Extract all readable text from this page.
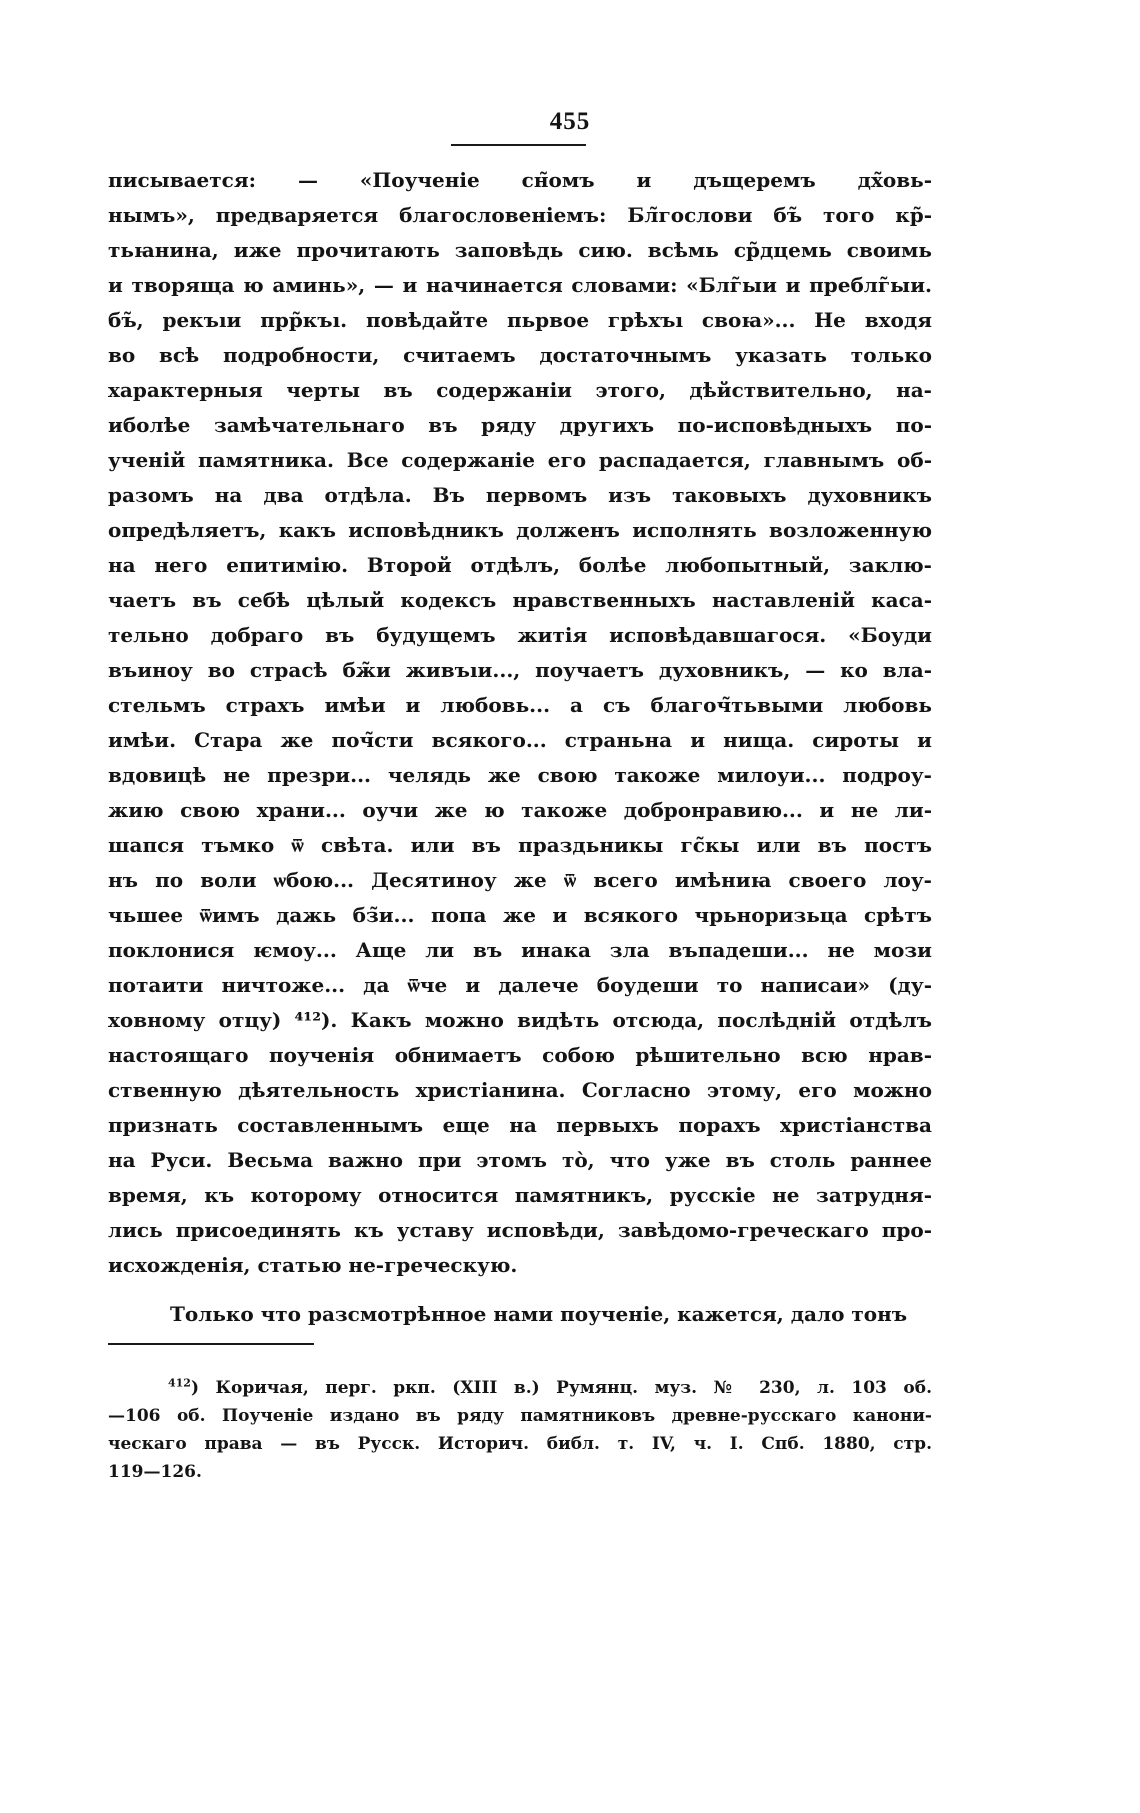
455
писывается: — «Поученіе сн̃омъ и дъщеремъ дх̃овь-
нымъ», предваряется благословеніемъ: Бл̃гослови бъ̃ того кр̃-
тьꙗнина, иже прочитають заповѣдь сию. всѣмь ср̃дцемь своимь
и творяща ю аминь», — и начинается словами: «Блг̃ыи и преблг̃ыи.
бъ̃, рекъıи прр̃къı. повѣдайте пьрвое грѣхъı своꙗ»... Не входя
во всѣ подробности, считаемъ достаточнымъ указать только
характерныя черты въ содержаніи этого, дѣйствительно, на-
иболѣе замѣчательнаго въ ряду другихъ по-исповѣдныхъ по-
ученій памятника. Все содержаніе его распадается, главнымъ об-
разомъ на два отдѣла. Въ первомъ изъ таковыхъ духовникъ
опредѣляетъ, какъ исповѣдникъ долженъ исполнять возложенную
на него епитимію. Второй отдѣлъ, болѣе любопытный, заклю-
чаетъ въ себѣ цѣлый кодексъ нравственныхъ наставленій каса-
тельно добраго въ будущемъ житія исповѣдавшагося. «Боуди
въиноу во страсѣ бж̃и живъıи..., поучаетъ духовникъ, — ко вла-
стельмъ страхъ имѣи и любовь... а съ благоч̃тьвыми любовь
имѣи. Стара же поч̃сти всякого... страньна и нища. сироты и
вдовицѣ не презри... челядь же свою такоже милоуи... подроу-
жию свою храни... оучи же ю такоже добронравию... и не ли-
шапся тъмко ѿ свѣта. или въ праздьникы гс̃кы или въ постъ
нъ по воли ѡбою... Десятиноу же ѿ всего имѣниꙗ своего лоу-
чьшее ѿимъ дажь бз̃и... попа же и всякого чрьноризьца срѣтъ
поклонися ѥмоу... Аще ли въ инака зла въпадеши... не мози
потаити ничтоже... да ѿче и далече боудеши то написаи» (ду-
ховному отцу) ⁴¹²). Какъ можно видѣть отсюда, послѣдній отдѣлъ
настоящаго поученія обнимаетъ собою рѣшительно всю нрав-
ственную дѣятельность христіанина. Согласно этому, его можно
признать составленнымъ еще на первыхъ порахъ христіанства
на Руси. Весьма важно при этомъ тò, что уже въ столь раннее
время, къ которому относится памятникъ, русскіе не затрудня-
лись присоединять къ уставу исповѣди, завѣдомо-греческаго про-
исхожденія, статью не-греческую.
Только что разсмотрѣнное нами поученіе, кажется, дало тонъ
$^{412}$) Коричая, перг. ркп. (XIII в.) Румянц. муз. № 230, л. 103 об.
—106 об. Поученіе издано въ ряду памятниковъ древне-русскаго канони-
ческаго права — въ Русск. Историч. библ. т. IV, ч. I. Спб. 1880, стр.
119—126.
